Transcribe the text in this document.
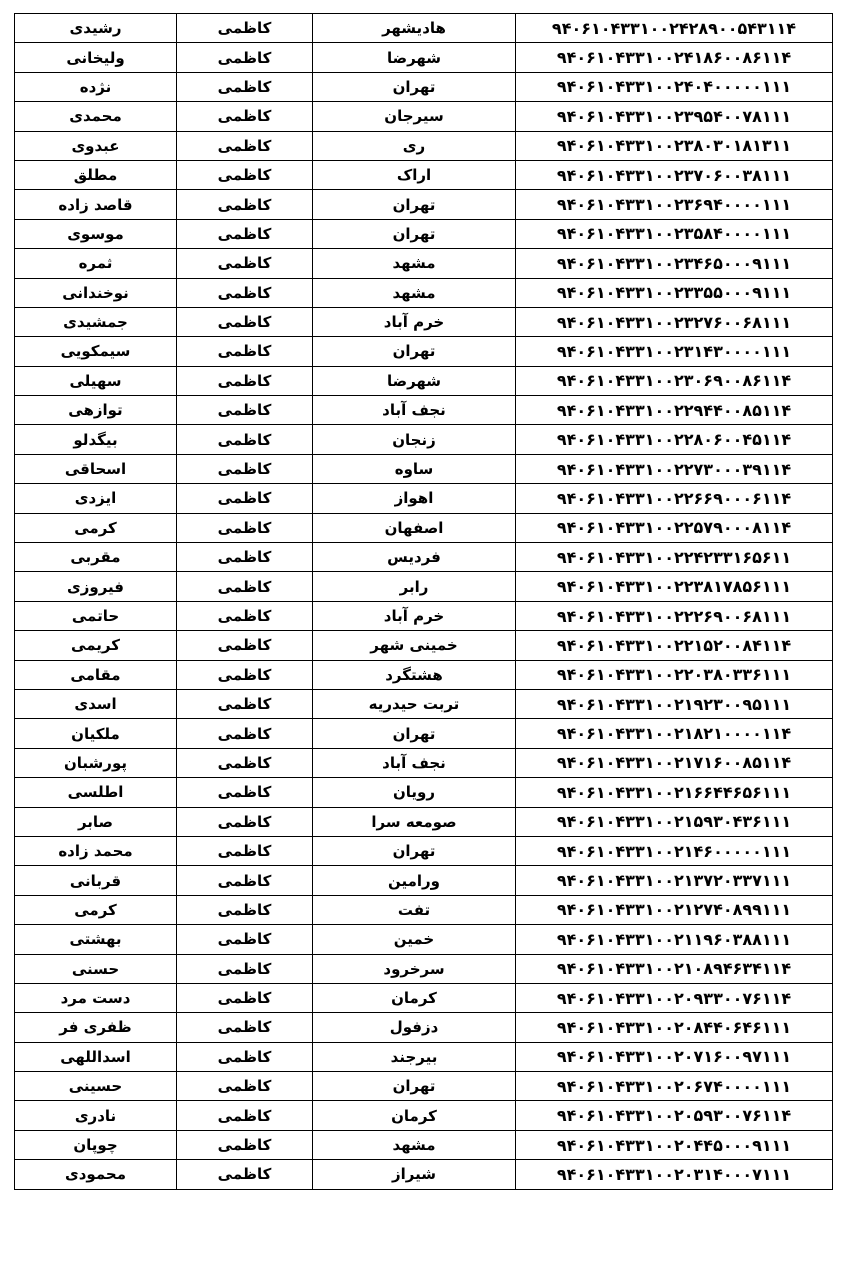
رشیدی	کاظمی	هادیشهر	۹۴۰۶۱۰۴۳۳۱۰۰۲۴۲۸۹۰۰۵۴۳۱۱۴
ولیخانی	کاظمی	شهرضا	۹۴۰۶۱۰۴۳۳۱۰۰۲۴۱۸۶۰۰۸۶۱۱۴
نژده	کاظمی	تهران	۹۴۰۶۱۰۴۳۳۱۰۰۲۴۰۴۰۰۰۰۰۱۱۱
محمدی	کاظمی	سیرجان	۹۴۰۶۱۰۴۳۳۱۰۰۲۳۹۵۴۰۰۷۸۱۱۱
عبدوی	کاظمی	ری	۹۴۰۶۱۰۴۳۳۱۰۰۲۳۸۰۳۰۱۸۱۳۱۱
مطلق	کاظمی	اراک	۹۴۰۶۱۰۴۳۳۱۰۰۲۳۷۰۶۰۰۳۸۱۱۱
قاصد زاده	کاظمی	تهران	۹۴۰۶۱۰۴۳۳۱۰۰۲۳۶۹۴۰۰۰۰۱۱۱
موسوی	کاظمی	تهران	۹۴۰۶۱۰۴۳۳۱۰۰۲۳۵۸۴۰۰۰۰۱۱۱
ثمره	کاظمی	مشهد	۹۴۰۶۱۰۴۳۳۱۰۰۲۳۴۶۵۰۰۰۹۱۱۱
نوخندانی	کاظمی	مشهد	۹۴۰۶۱۰۴۳۳۱۰۰۲۳۳۵۵۰۰۰۹۱۱۱
جمشیدی	کاظمی	خرم آباد	۹۴۰۶۱۰۴۳۳۱۰۰۲۳۲۷۶۰۰۶۸۱۱۱
سیمکویی	کاظمی	تهران	۹۴۰۶۱۰۴۳۳۱۰۰۲۳۱۴۳۰۰۰۰۱۱۱
سهیلی	کاظمی	شهرضا	۹۴۰۶۱۰۴۳۳۱۰۰۲۳۰۶۹۰۰۸۶۱۱۴
توازهی	کاظمی	نجف آباد	۹۴۰۶۱۰۴۳۳۱۰۰۲۲۹۴۴۰۰۸۵۱۱۴
بیگدلو	کاظمی	زنجان	۹۴۰۶۱۰۴۳۳۱۰۰۲۲۸۰۶۰۰۴۵۱۱۴
اسحاقی	کاظمی	ساوه	۹۴۰۶۱۰۴۳۳۱۰۰۲۲۷۳۰۰۰۳۹۱۱۴
ایزدی	کاظمی	اهواز	۹۴۰۶۱۰۴۳۳۱۰۰۲۲۶۶۹۰۰۰۶۱۱۴
کرمی	کاظمی	اصفهان	۹۴۰۶۱۰۴۳۳۱۰۰۲۲۵۷۹۰۰۰۸۱۱۴
مقربی	کاظمی	فردیس	۹۴۰۶۱۰۴۳۳۱۰۰۲۲۴۲۳۳۱۶۵۶۱۱
فیروزی	کاظمی	رابر	۹۴۰۶۱۰۴۳۳۱۰۰۲۲۳۸۱۷۸۵۶۱۱۱
حاتمی	کاظمی	خرم آباد	۹۴۰۶۱۰۴۳۳۱۰۰۲۲۲۶۹۰۰۶۸۱۱۱
کریمی	کاظمی	خمینی شهر	۹۴۰۶۱۰۴۳۳۱۰۰۲۲۱۵۲۰۰۸۴۱۱۴
مقامی	کاظمی	هشتگرد	۹۴۰۶۱۰۴۳۳۱۰۰۲۲۰۳۸۰۳۳۶۱۱۱
اسدی	کاظمی	تربت حیدریه	۹۴۰۶۱۰۴۳۳۱۰۰۲۱۹۲۳۰۰۹۵۱۱۱
ملکیان	کاظمی	تهران	۹۴۰۶۱۰۴۳۳۱۰۰۲۱۸۲۱۰۰۰۰۱۱۴
پورشبان	کاظمی	نجف آباد	۹۴۰۶۱۰۴۳۳۱۰۰۲۱۷۱۶۰۰۸۵۱۱۴
اطلسی	کاظمی	رویان	۹۴۰۶۱۰۴۳۳۱۰۰۲۱۶۶۴۴۶۵۶۱۱۱
صابر	کاظمی	صومعه سرا	۹۴۰۶۱۰۴۳۳۱۰۰۲۱۵۹۳۰۴۳۶۱۱۱
محمد زاده	کاظمی	تهران	۹۴۰۶۱۰۴۳۳۱۰۰۲۱۴۶۰۰۰۰۰۱۱۱
قربانی	کاظمی	ورامین	۹۴۰۶۱۰۴۳۳۱۰۰۲۱۳۷۲۰۳۳۷۱۱۱
کرمی	کاظمی	تفت	۹۴۰۶۱۰۴۳۳۱۰۰۲۱۲۷۴۰۸۹۹۱۱۱
بهشتی	کاظمی	خمین	۹۴۰۶۱۰۴۳۳۱۰۰۲۱۱۹۶۰۳۸۸۱۱۱
حسنی	کاظمی	سرخرود	۹۴۰۶۱۰۴۳۳۱۰۰۲۱۰۸۹۴۶۳۴۱۱۴
دست مرد	کاظمی	کرمان	۹۴۰۶۱۰۴۳۳۱۰۰۲۰۹۳۳۰۰۷۶۱۱۴
ظفری فر	کاظمی	دزفول	۹۴۰۶۱۰۴۳۳۱۰۰۲۰۸۴۴۰۶۴۶۱۱۱
اسداللهی	کاظمی	بیرجند	۹۴۰۶۱۰۴۳۳۱۰۰۲۰۷۱۶۰۰۹۷۱۱۱
حسینی	کاظمی	تهران	۹۴۰۶۱۰۴۳۳۱۰۰۲۰۶۷۴۰۰۰۰۱۱۱
نادری	کاظمی	کرمان	۹۴۰۶۱۰۴۳۳۱۰۰۲۰۵۹۳۰۰۷۶۱۱۴
چوپان	کاظمی	مشهد	۹۴۰۶۱۰۴۳۳۱۰۰۲۰۴۴۵۰۰۰۹۱۱۱
محمودی	کاظمی	شیراز	۹۴۰۶۱۰۴۳۳۱۰۰۲۰۳۱۴۰۰۰۷۱۱۱
